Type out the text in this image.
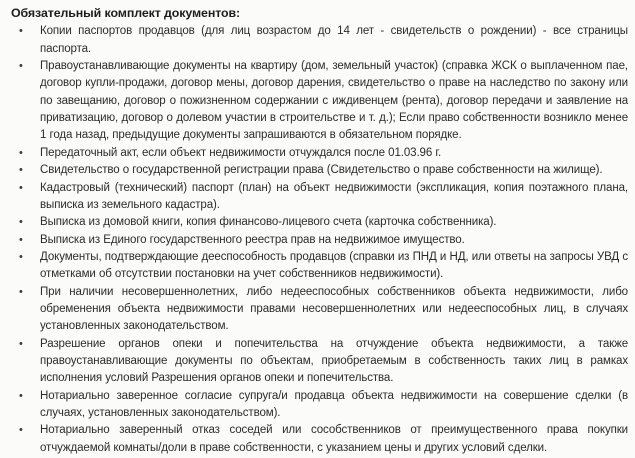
Обязательный комплект документов:
•	Копии паспортов продавцов (для лиц возрастом до 14 лет - свидетельств о рождении) - все страницы паспорта.
•	Правоустанавливающие документы на квартиру (дом, земельный участок) (справка ЖСК о выплаченном пае, договор купли-продажи, договор мены, договор дарения, свидетельство о праве на наследство по закону или по завещанию, договор о пожизненном содержании с иждивенцем (рента), договор передачи и заявление на приватизацию, договор о долевом участии в строительстве и т. д.); Если право собственности возникло менее 1 года назад, предыдущие документы запрашиваются в обязательном порядке.
•	Передаточный акт, если объект недвижимости отчуждался после 01.03.96 г.
•	Свидетельство о государственной регистрации права (Свидетельство о праве собственности на жилище).
•	Кадастровый (технический) паспорт (план) на объект недвижимости (экспликация, копия поэтажного плана, выписка из земельного кадастра).
•	Выписка из домовой книги, копия финансово-лицевого счета (карточка собственника).
•	Выписка из Единого государственного реестра прав на недвижимое имущество.
•	Документы, подтверждающие дееспособность продавцов (справки из ПНД и НД, или ответы на запросы УВД с отметками об отсутствии постановки на учет собственников недвижимости).
•	При наличии несовершеннолетних, либо недееспособных собственников объекта недвижимости, либо обременения объекта недвижимости правами несовершеннолетних или недееспособных лиц, в случаях установленных законодательством.
•	Разрешение органов опеки и попечительства на отчуждение объекта недвижимости, а также правоустанавливающие документы по объектам, приобретаемым в собственность таких лиц в рамках исполнения условий Разрешения органов опеки и попечительства.
•	Нотариально заверенное согласие супруга/и продавца объекта недвижимости на совершение сделки (в случаях, установленных законодательством).
•	Нотариально заверенный отказ соседей или сособственников от преимущественного права покупки отчуждаемой комнаты/доли в праве собственности, с указанием цены и других условий сделки.
